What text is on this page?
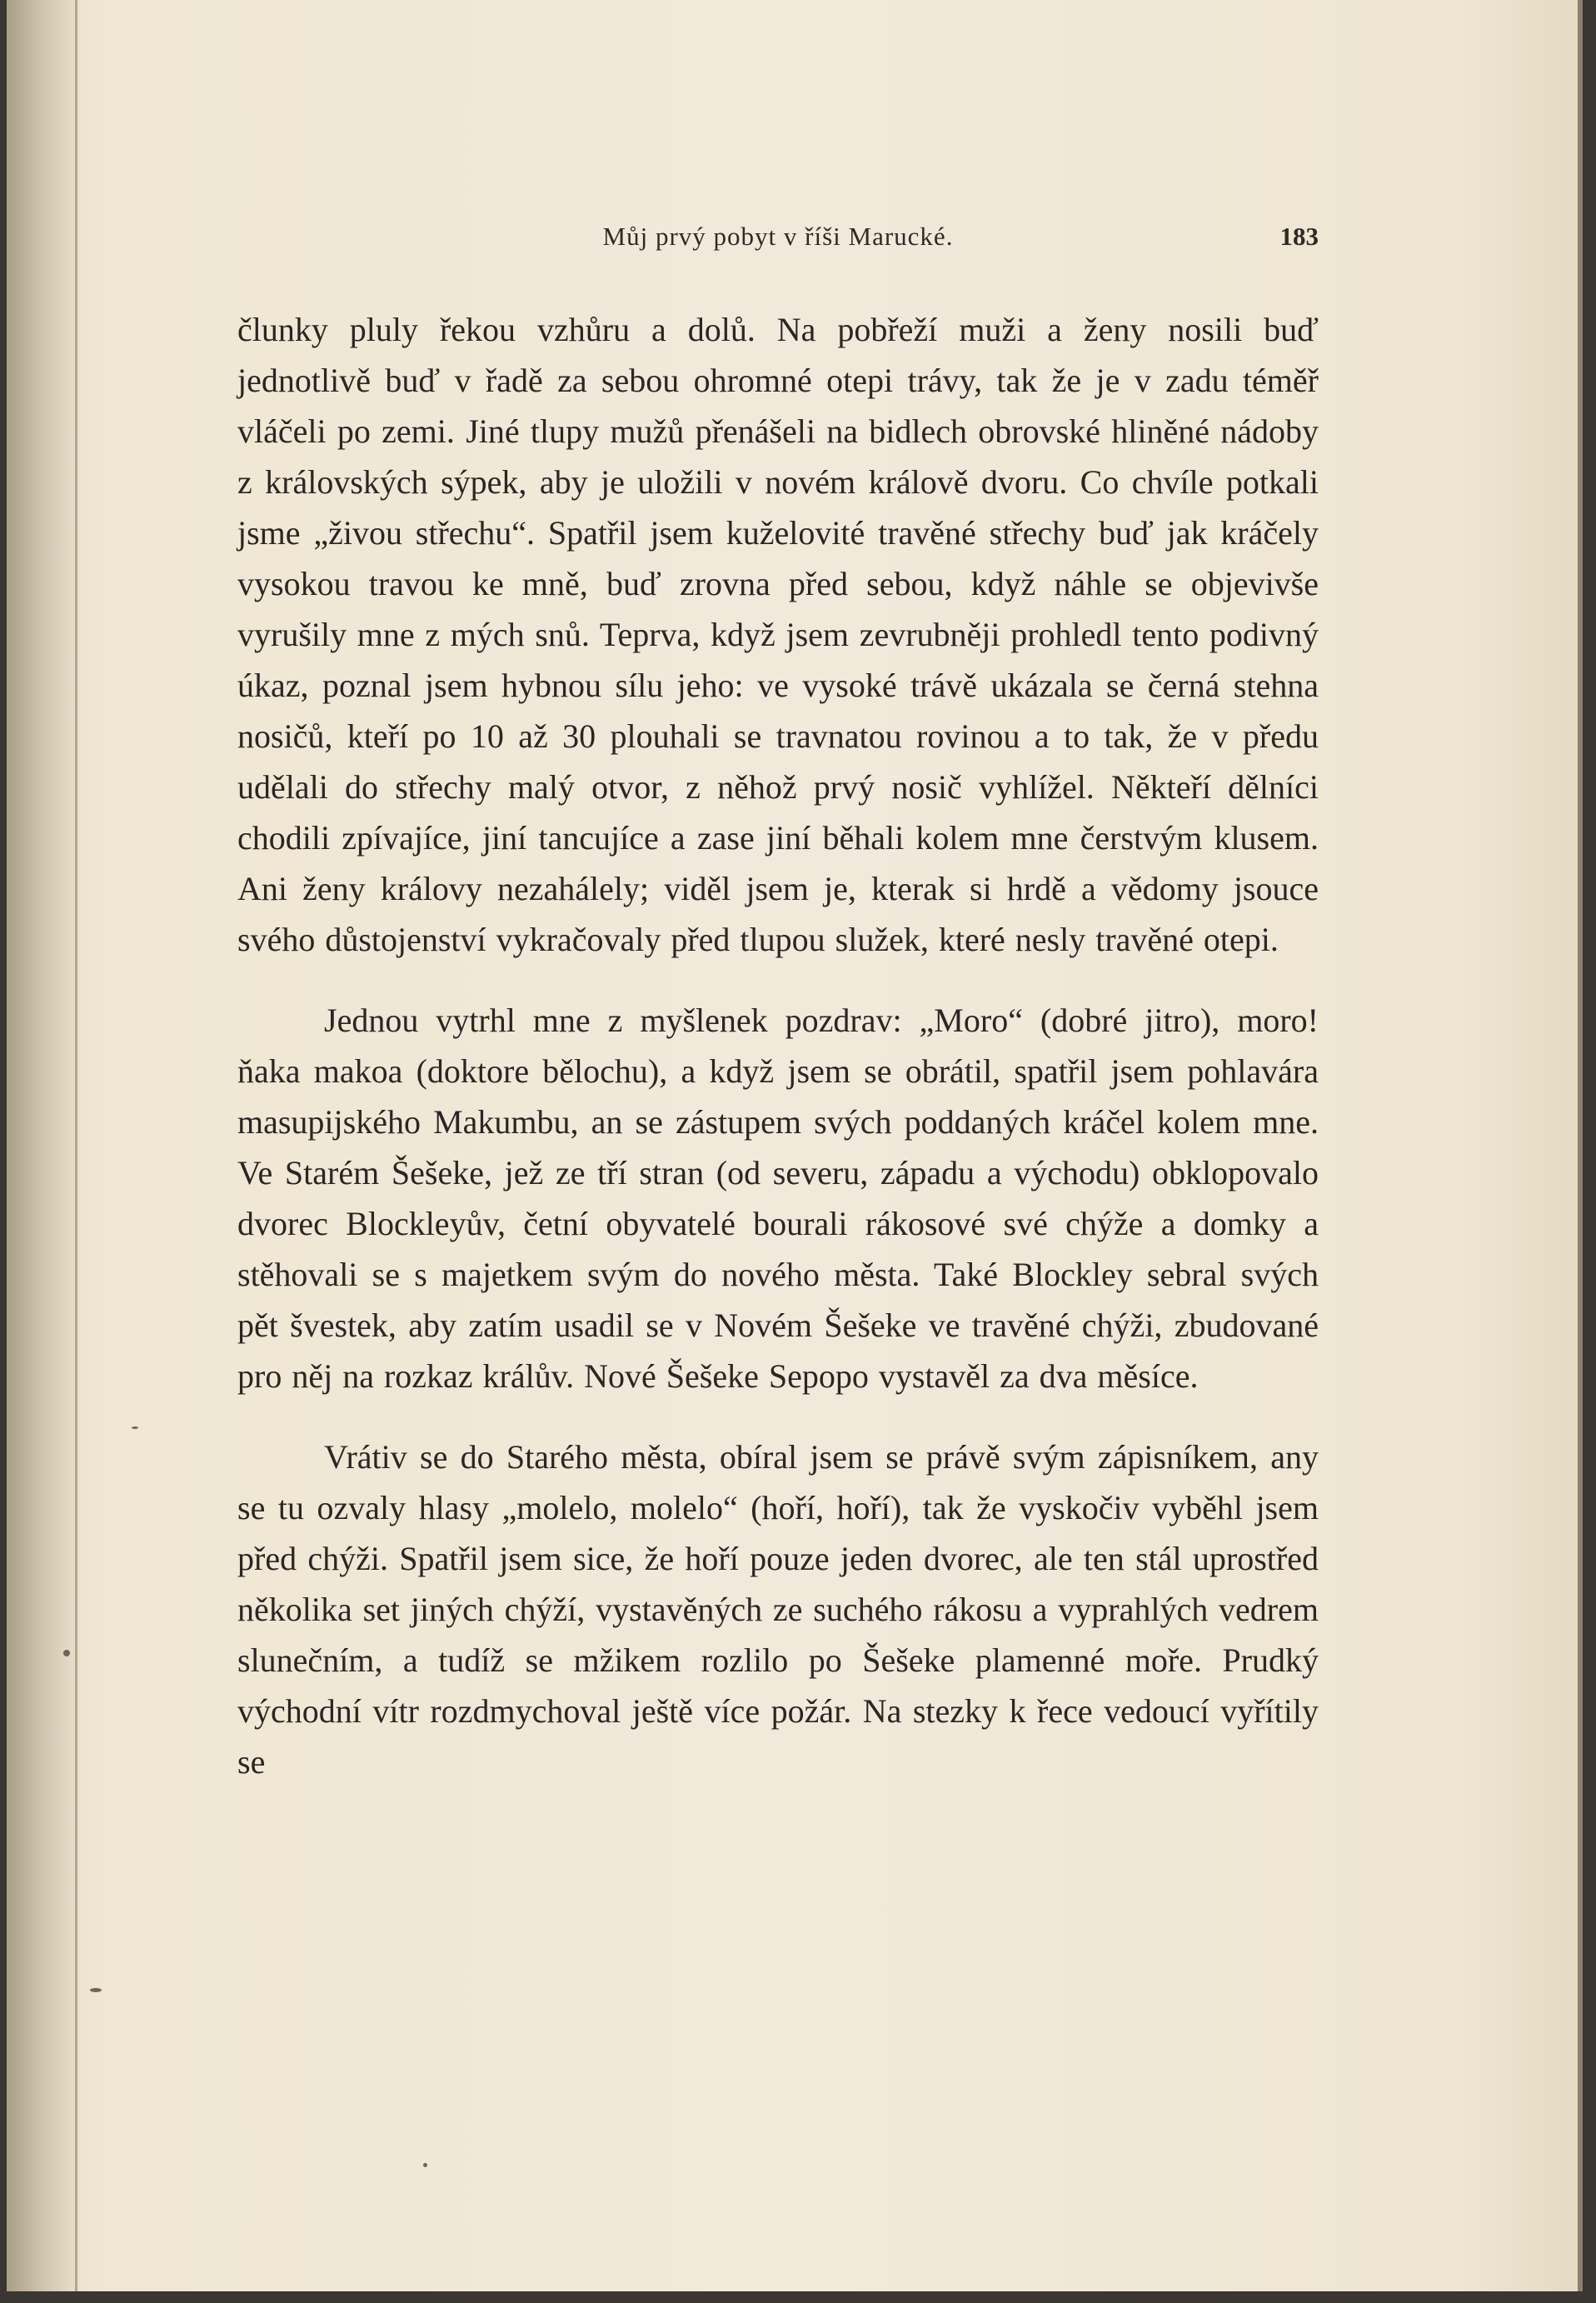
Můj prvý pobyt v říši Marucké.	183

člunky pluly řekou vzhůru a dolů. Na pobřeží muži a ženy nosili buď jednotlivě buď v řadě za sebou ohromné otepi trávy, tak že je v zadu téměř vláčeli po zemi. Jiné tlupy mužů přenášeli na bidlech obrovské hliněné nádoby z královských sýpek, aby je uložili v novém králově dvoru. Co chvíle potkali jsme „živou střechu“. Spatřil jsem kuželovité travěné střechy buď jak kráčely vysokou travou ke mně, buď zrovna před sebou, když náhle se objevivše vyrušily mne z mých snů. Teprva, když jsem zevrubněji prohledl tento podivný úkaz, poznal jsem hybnou sílu jeho: ve vysoké trávě ukázala se černá stehna nosičů, kteří po 10 až 30 plouhali se travnatou rovinou a to tak, že v předu udělali do střechy malý otvor, z něhož prvý nosič vyhlížel. Někteří dělníci chodili zpívajíce, jiní tancujíce a zase jiní běhali kolem mne čerstvým klusem. Ani ženy královy nezahálely; viděl jsem je, kterak si hrdě a vědomy jsouce svého důstojenství vykračovaly před tlupou služek, které nesly travěné otepi.

Jednou vytrhl mne z myšlenek pozdrav: „Moro“ (dobré jitro), moro! ňaka makoa (doktore bělochu), a když jsem se obrátil, spatřil jsem pohlavára masupijského Makumbu, an se zástupem svých poddaných kráčel kolem mne. Ve Starém Šešeke, jež ze tří stran (od severu, západu a východu) obklopovalo dvorec Blockleyův, četní obyvatelé bourali rákosové své chýže a domky a stěhovali se s majetkem svým do nového města. Také Blockley sebral svých pět švestek, aby zatím usadil se v Novém Šešeke ve travěné chýži, zbudované pro něj na rozkaz králův. Nové Šešeke Sepopo vystavěl za dva měsíce.

Vrátiv se do Starého města, obíral jsem se právě svým zápisníkem, any se tu ozvaly hlasy „molelo, molelo“ (hoří, hoří), tak že vyskočiv vyběhl jsem před chýži. Spatřil jsem sice, že hoří pouze jeden dvorec, ale ten stál uprostřed několika set jiných chýží, vystavěných ze suchého rákosu a vyprahlých vedrem slunečním, a tudíž se mžikem rozlilo po Šešeke plamenné moře. Prudký východní vítr rozdmychoval ještě více požár. Na stezky k řece vedoucí vyřítily se
